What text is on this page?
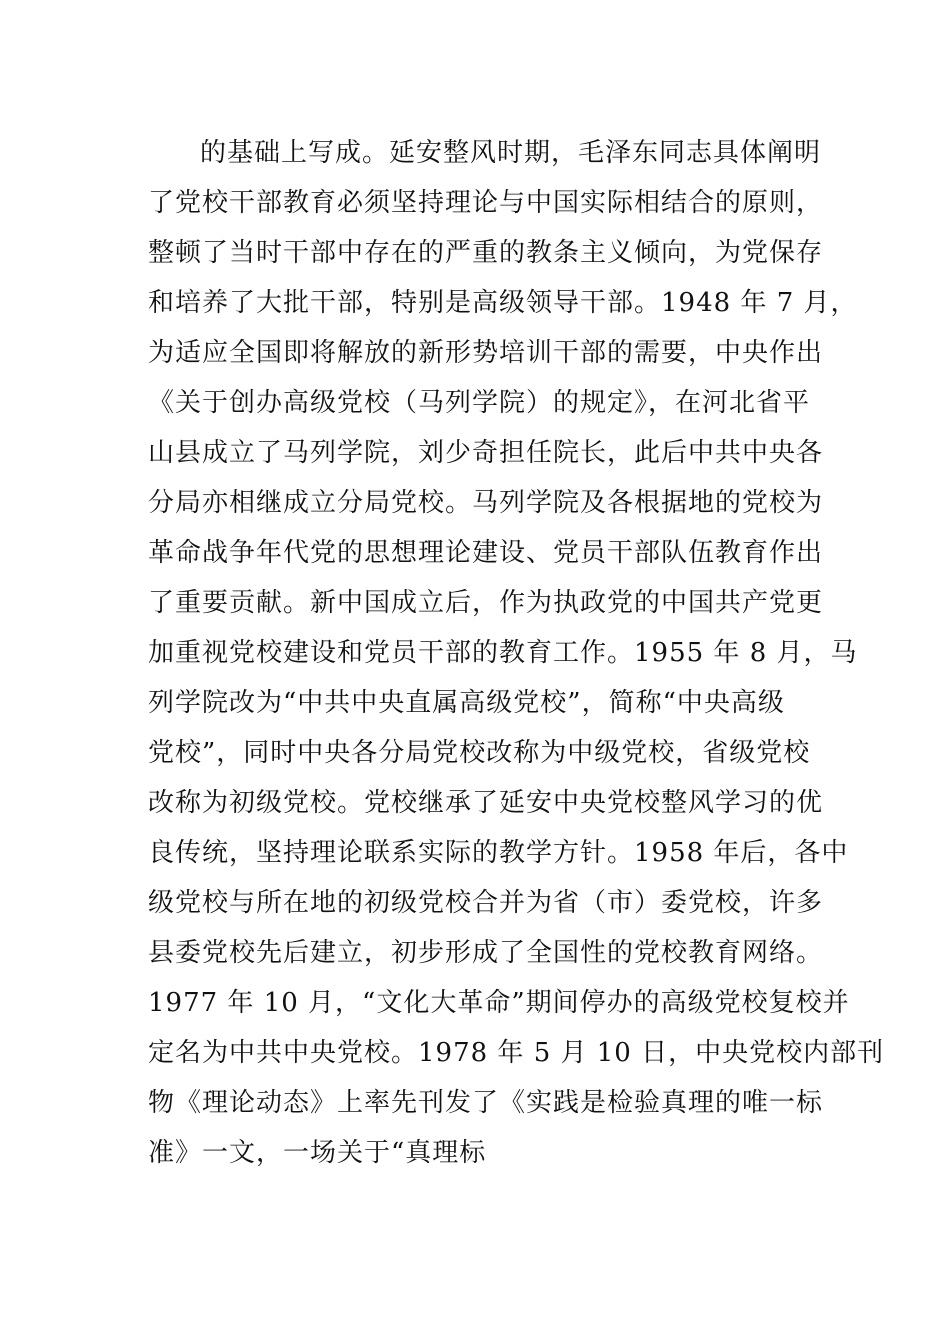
的基础上写成。延安整风时期，毛泽东同志具体阐明
了党校干部教育必须坚持理论与中国实际相结合的原则，
整顿了当时干部中存在的严重的教条主义倾向，为党保存
和培养了大批干部，特别是高级领导干部。1948 年 7 月，
为适应全国即将解放的新形势培训干部的需要，中央作出
《关于创办高级党校（马列学院）的规定》，在河北省平
山县成立了马列学院，刘少奇担任院长，此后中共中央各
分局亦相继成立分局党校。马列学院及各根据地的党校为
革命战争年代党的思想理论建设、党员干部队伍教育作出
了重要贡献。新中国成立后，作为执政党的中国共产党更
加重视党校建设和党员干部的教育工作。1955 年 8 月，马
列学院改为“中共中央直属高级党校”，简称“中央高级
党校”，同时中央各分局党校改称为中级党校，省级党校
改称为初级党校。党校继承了延安中央党校整风学习的优
良传统，坚持理论联系实际的教学方针。1958 年后，各中
级党校与所在地的初级党校合并为省（市）委党校，许多
县委党校先后建立，初步形成了全国性的党校教育网络。
1977 年 10 月，“文化大革命”期间停办的高级党校复校并
定名为中共中央党校。1978 年 5 月 10 日，中央党校内部刊
物《理论动态》上率先刊发了《实践是检验真理的唯一标
准》一文，一场关于“真理标
